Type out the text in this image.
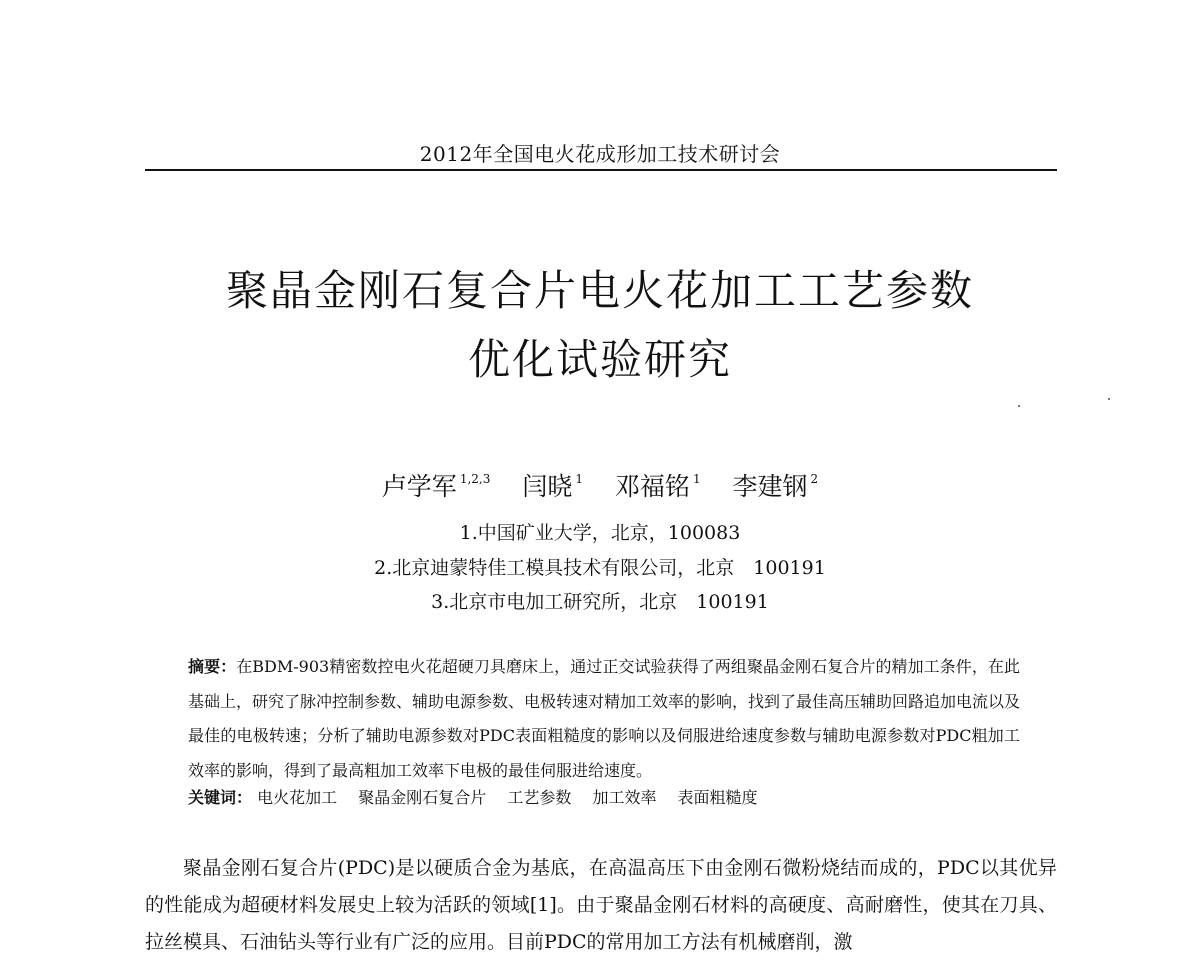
2012年全国电火花成形加工技术研讨会
聚晶金刚石复合片电火花加工工艺参数
优化试验研究
卢学军 $^{1,2,3}$ 闫晓 $^1$ 邓福铭 $^1$ 李建钢 $^2$
1.中国矿业大学，北京，100083
2.北京迪蒙特佳工模具技术有限公司，北京　100191
3.北京市电加工研究所，北京　100191
摘要：在BDM-903精密数控电火花超硬刀具磨床上，通过正交试验获得了两组聚晶金刚石复合片的精加工条件，在此基础上，研究了脉冲控制参数、辅助电源参数、电极转速对精加工效率的影响，找到了最佳高压辅助回路追加电流以及最佳的电极转速；分析了辅助电源参数对PDC表面粗糙度的影响以及伺服进给速度参数与辅助电源参数对PDC粗加工效率的影响，得到了最高粗加工效率下电极的最佳伺服进给速度。
关键词： 电火花加工 聚晶金刚石复合片 工艺参数 加工效率 表面粗糙度
聚晶金刚石复合片(PDC)是以硬质合金为基底，在高温高压下由金刚石微粉烧结而成的，PDC以其优异的性能成为超硬材料发展史上较为活跃的领域[1]。由于聚晶金刚石材料的高硬度、高耐磨性，使其在刀具、拉丝模具、石油钻头等行业有广泛的应用。目前PDC的常用加工方法有机械磨削，激
